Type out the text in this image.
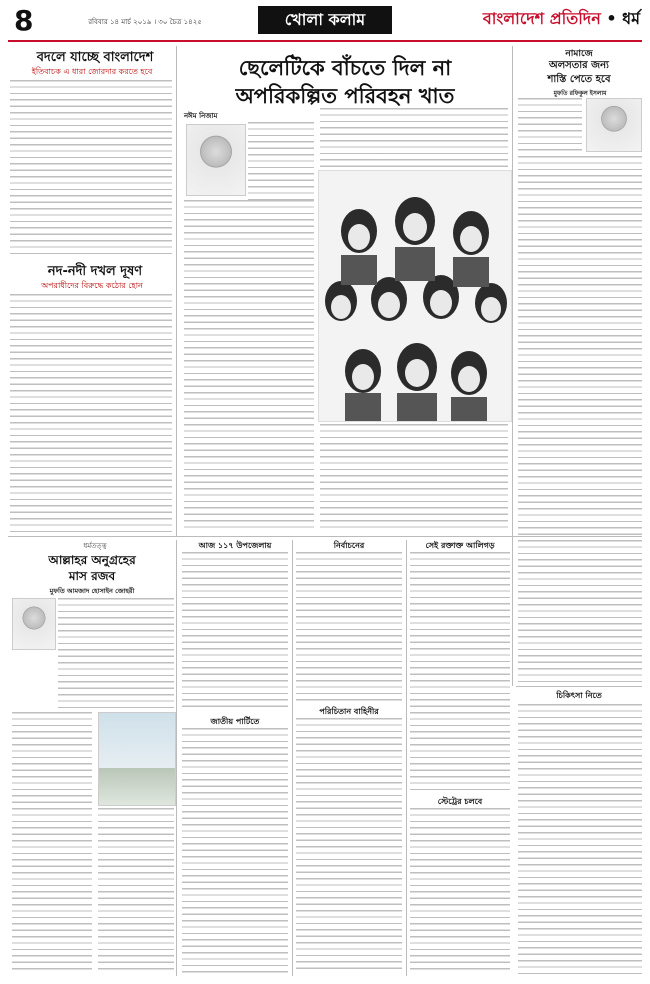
8	রবিবার ১৪ মার্চ ২০১৯ । ৩০ চৈত্র ১৪২৫	খোলা কলাম	বাংলাদেশ প্রতিদিন • ধর্ম
বদলে যাচ্ছে বাংলাদেশ
ইতিবাচক এ ধারা জোরদার করতে হবে
নদ-নদী দখল দূষণ
অপরাধীদের বিরুদ্ধে কঠোর হোন
ছেলেটিকে বাঁচতে দিল না
অপরিকল্পিত পরিবহন খাত
নঈম নিজাম
নামাজে
অলসতার জন্য
শাস্তি পেতে হবে
মুফতি রফিকুল ইসলাম
চিকিৎসা নিতে
ধর্মতত্ত্ব
আল্লাহর অনুগ্রহের
মাস রজব
মুফতি আমজাদ হোসাইন জোহরী
আজ ১১৭ উপজেলায়
জাতীয় পার্টিতে
নির্বাচনের
পরিচিতান বাহিনীর
সেই রক্তাক্ত আলিগড়
স্টেট্রের চলবে
